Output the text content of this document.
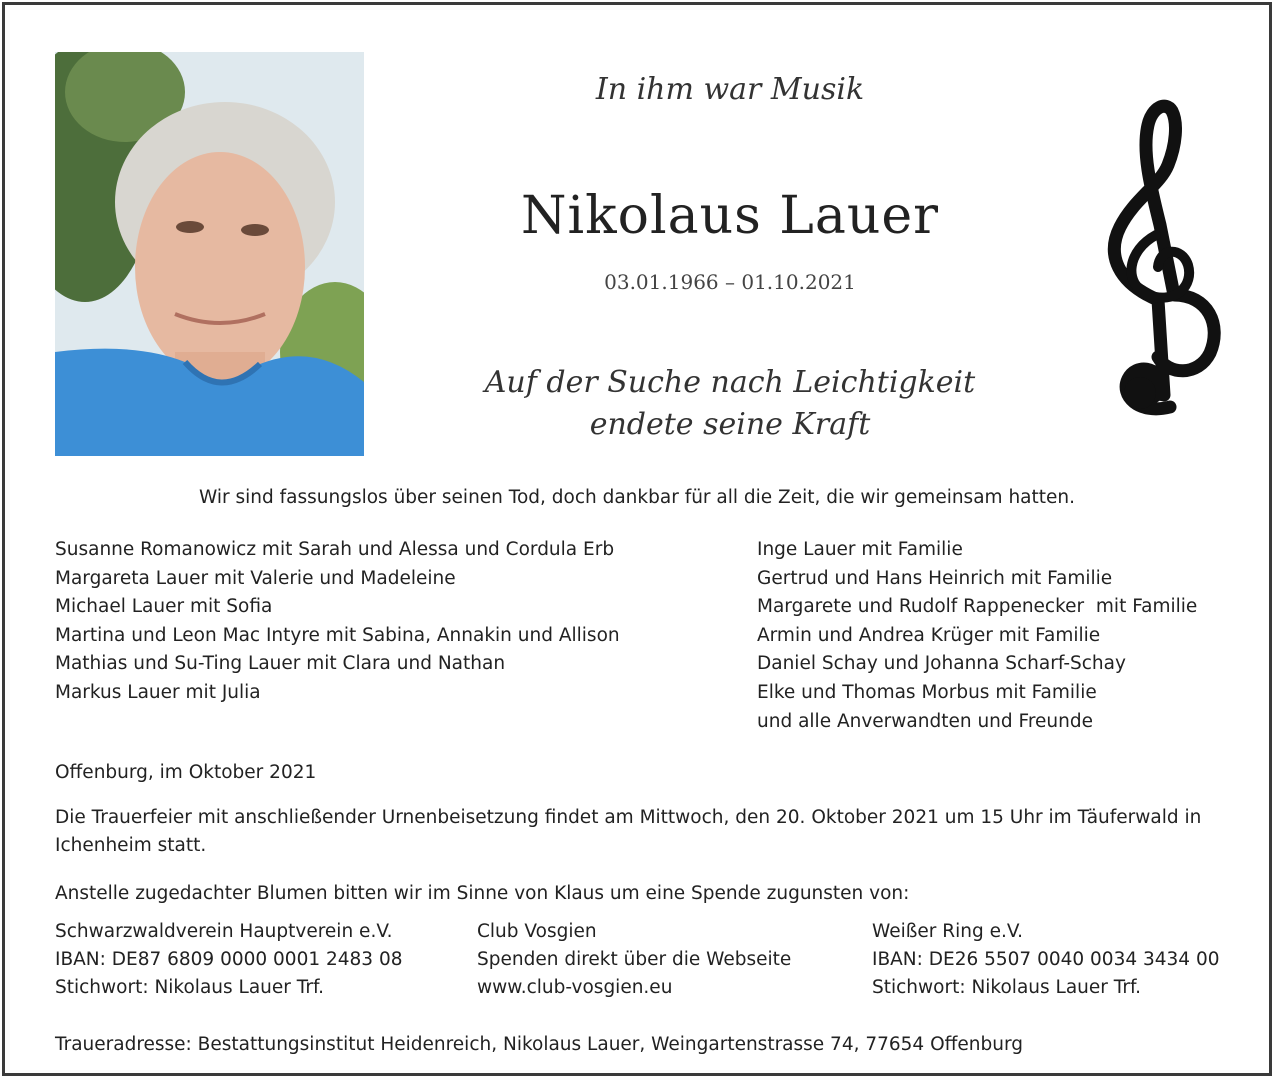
In ihm war Musik
Nikolaus Lauer
03.01.1966 – 01.10.2021
Auf der Suche nach Leichtigkeit
endete seine Kraft
Wir sind fassungslos über seinen Tod, doch dankbar für all die Zeit, die wir gemeinsam hatten.
Susanne Romanowicz mit Sarah und Alessa und Cordula Erb
Margareta Lauer mit Valerie und Madeleine
Michael Lauer mit Sofia
Martina und Leon Mac Intyre mit Sabina, Annakin und Allison
Mathias und Su-Ting Lauer mit Clara und Nathan
Markus Lauer mit Julia
Inge Lauer mit Familie
Gertrud und Hans Heinrich mit Familie
Margarete und Rudolf Rappenecker  mit Familie
Armin und Andrea Krüger mit Familie
Daniel Schay und Johanna Scharf-Schay
Elke und Thomas Morbus mit Familie
und alle Anverwandten und Freunde
Offenburg, im Oktober 2021
Die Trauerfeier mit anschließender Urnenbeisetzung findet am Mittwoch, den 20. Oktober 2021 um 15 Uhr im Täuferwald in Ichenheim statt.
Anstelle zugedachter Blumen bitten wir im Sinne von Klaus um eine Spende zugunsten von:
Schwarzwaldverein Hauptverein e.V.
IBAN: DE87 6809 0000 0001 2483 08
Stichwort: Nikolaus Lauer Trf.
Club Vosgien
Spenden direkt über die Webseite
www.club-vosgien.eu
Weißer Ring e.V.
IBAN: DE26 5507 0040 0034 3434 00
Stichwort: Nikolaus Lauer Trf.
Traueradresse: Bestattungsinstitut Heidenreich, Nikolaus Lauer, Weingartenstrasse 74, 77654 Offenburg
